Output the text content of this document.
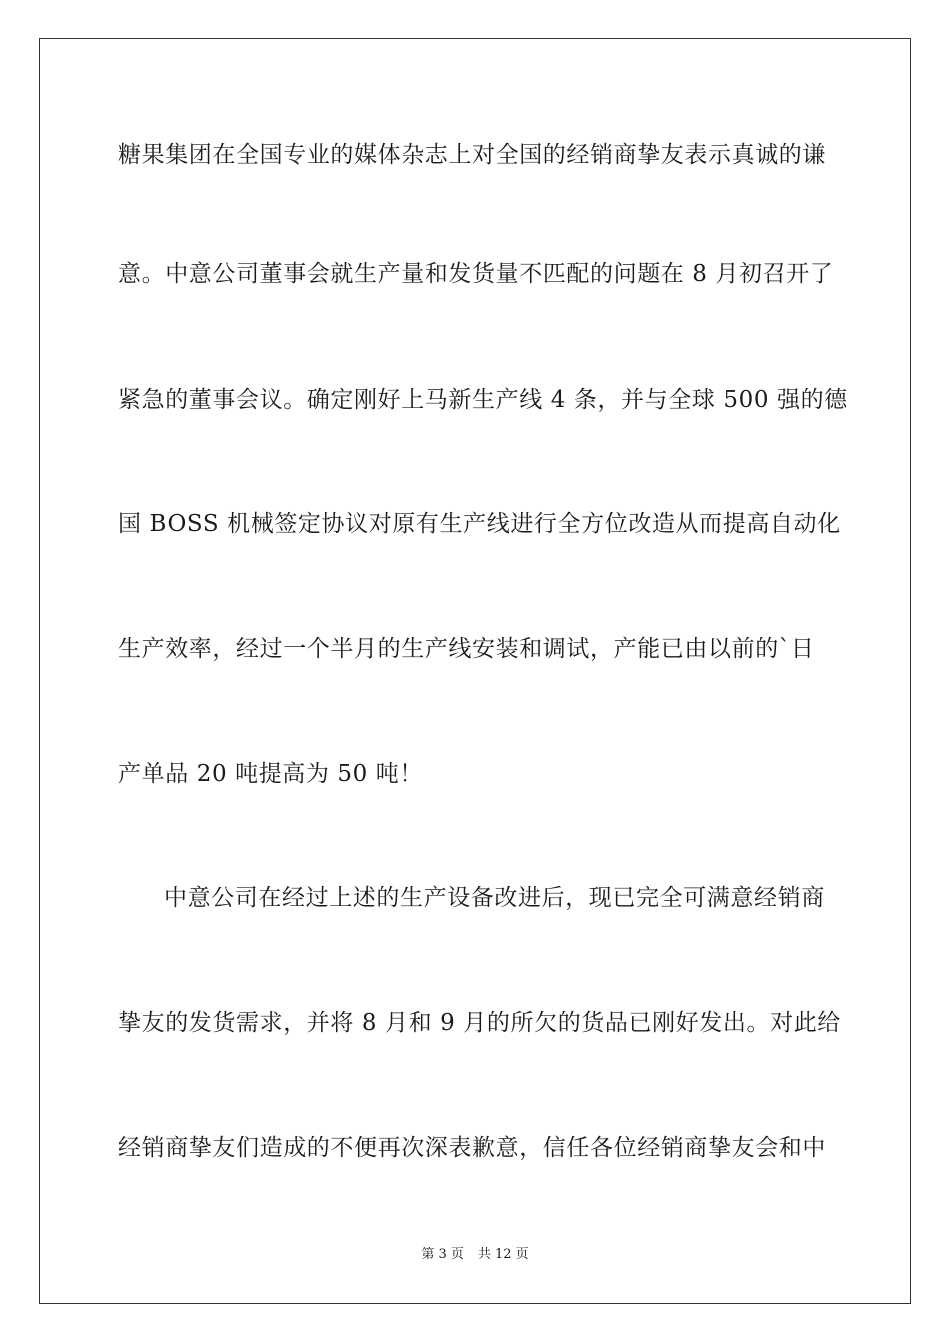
糖果集团在全国专业的媒体杂志上对全国的经销商挚友表示真诚的谦
意。中意公司董事会就生产量和发货量不匹配的问题在 8 月初召开了
紧急的董事会议。确定刚好上马新生产线 4 条，并与全球 500 强的德
国 BOSS 机械签定协议对原有生产线进行全方位改造从而提高自动化
生产效率，经过一个半月的生产线安装和调试，产能已由以前的`日
产单品 20 吨提高为 50 吨！
中意公司在经过上述的生产设备改进后，现已完全可满意经销商
挚友的发货需求，并将 8 月和 9 月的所欠的货品已刚好发出。对此给
经销商挚友们造成的不便再次深表歉意，信任各位经销商挚友会和中
第 3 页 共 12 页
